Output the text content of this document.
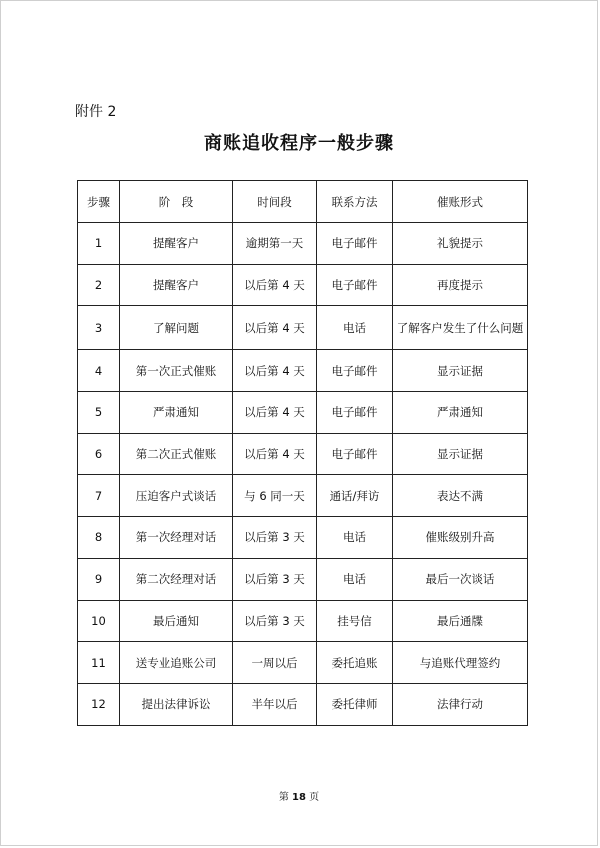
附件 2
商账追收程序一般步骤
步骤	阶　段	时间段	联系方法	催账形式
1	提醒客户	逾期第一天	电子邮件	礼貌提示
2	提醒客户	以后第 4 天	电子邮件	再度提示
3	了解问题	以后第 4 天	电话	了解客户发生了什么问题
4	第一次正式催账	以后第 4 天	电子邮件	显示证据
5	严肃通知	以后第 4 天	电子邮件	严肃通知
6	第二次正式催账	以后第 4 天	电子邮件	显示证据
7	压迫客户式谈话	与 6 同一天	通话/拜访	表达不满
8	第一次经理对话	以后第 3 天	电话	催账级别升高
9	第二次经理对话	以后第 3 天	电话	最后一次谈话
10	最后通知	以后第 3 天	挂号信	最后通牒
11	送专业追账公司	一周以后	委托追账	与追账代理签约
12	提出法律诉讼	半年以后	委托律师	法律行动
第 18 页
